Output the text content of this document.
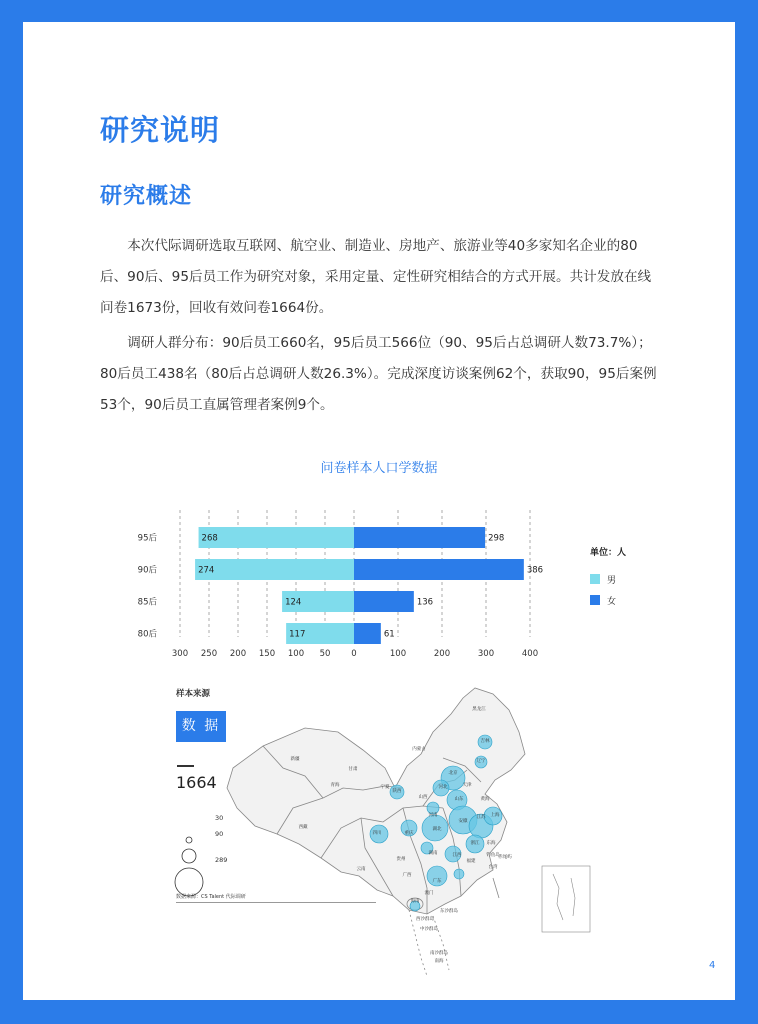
研究说明
研究概述

本次代际调研选取互联网、航空业、制造业、房地产、旅游业等40多家知名企业的80后、90后、95后员工作为研究对象，采用定量、定性研究相结合的方式开展。共计发放在线问卷1673份，回收有效问卷1664份。

调研人群分布：90后员工660名，95后员工566位（90、95后占总调研人数73.7%）；80后员工438名（80后占总调研人数26.3%）。完成深度访谈案例62个，获取90，95后案例53个，90后员工直属管理者案例9个。

问卷样本人口学数据
300 250 200 150 100 50 0	100	200	300	400
95后	268	298
90后	274	386
85后	124	136
80后	117	61
单位：人
男
女
新疆
西藏
青海
甘肃
内蒙古
黑龙江
吉林
辽宁
北京
天津
河北
山西	山东
宁夏
陕西
河南	江苏
安徽
上海
四川	重庆
湖北
浙江
云南
贵州
湖南	江西
福建
台湾
广西
广东
澳门
海南
东沙群岛
西沙群岛
中沙群岛
南沙群岛
南海
东海
黄海
钓鱼岛
赤尾屿
样本来源
数 据
1664
30
90
289
数据来源：CS Talent 代际调研
4
